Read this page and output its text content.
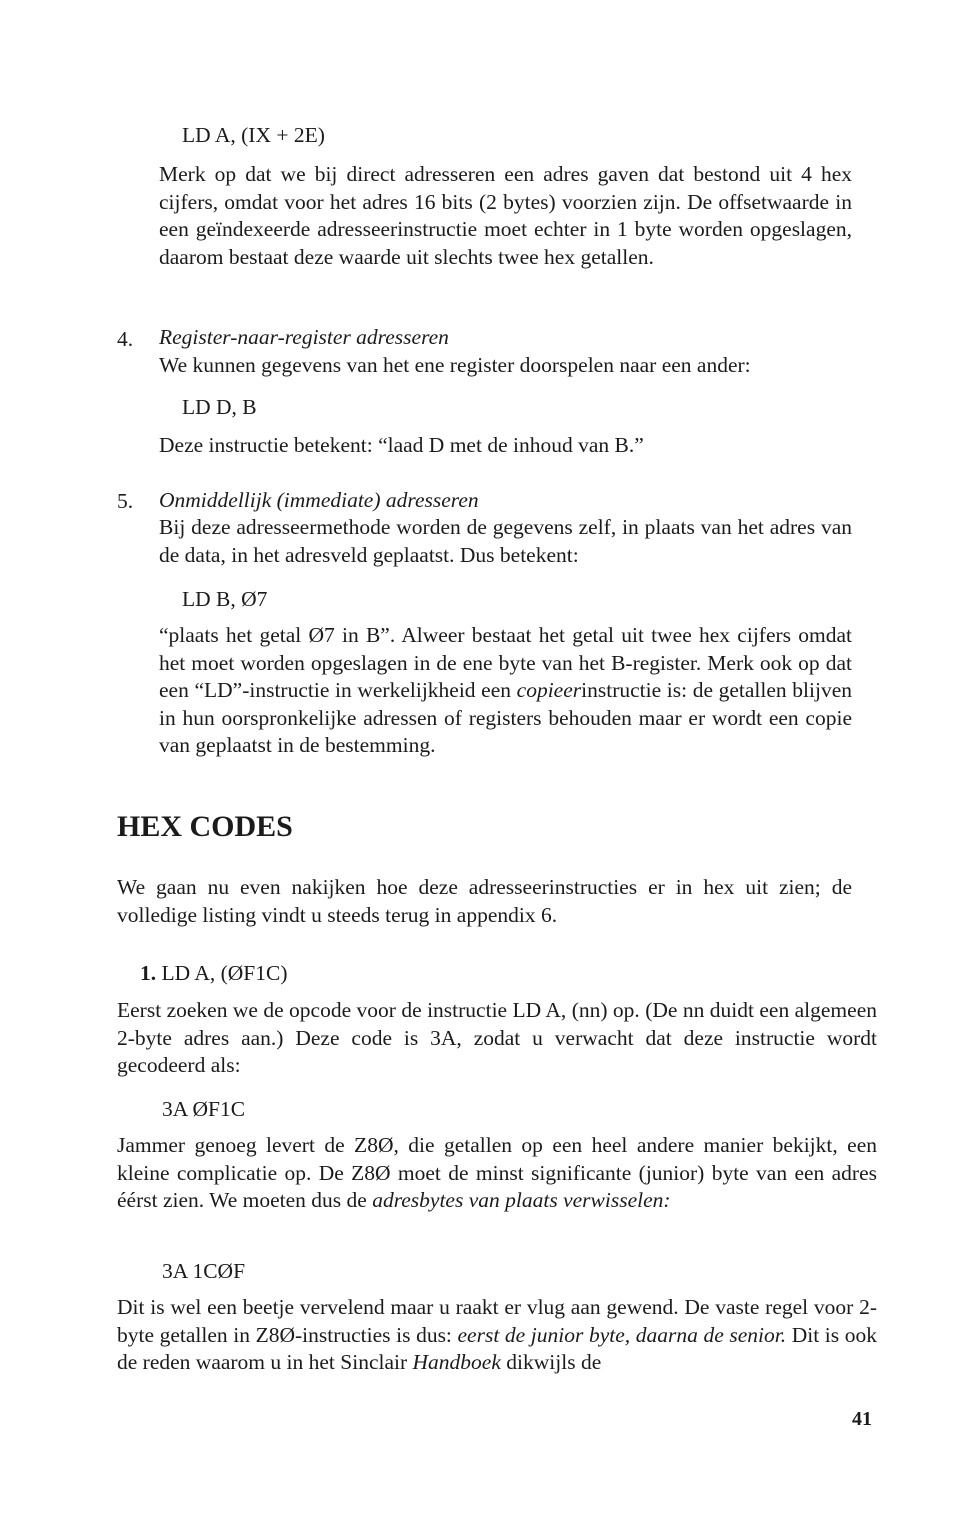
LD A, (IX + 2E)

Merk op dat we bij direct adresseren een adres gaven dat bestond uit 4 hex cijfers, omdat voor het adres 16 bits (2 bytes) voorzien zijn. De offsetwaarde in een geïndexeerde adresseerinstructie moet echter in 1 byte worden opgeslagen, daarom bestaat deze waarde uit slechts twee hex getallen.

4. Register-naar-register adresseren

We kunnen gegevens van het ene register doorspelen naar een ander:

LD D, B

Deze instructie betekent: “laad D met de inhoud van B.”

5. Onmiddellijk (immediate) adresseren

Bij deze adresseermethode worden de gegevens zelf, in plaats van het adres van de data, in het adresveld geplaatst. Dus betekent:

LD B, Ø7

“plaats het getal Ø7 in B”. Alweer bestaat het getal uit twee hex cijfers omdat het moet worden opgeslagen in de ene byte van het B-register. Merk ook op dat een “LD”-instructie in werkelijkheid een copieerinstructie is: de getallen blijven in hun oorspronkelijke adressen of registers behouden maar er wordt een copie van geplaatst in de bestemming.

HEX CODES

We gaan nu even nakijken hoe deze adresseerinstructies er in hex uit zien; de volledige listing vindt u steeds terug in appendix 6.

1. LD A, (ØF1C)

Eerst zoeken we de opcode voor de instructie LD A, (nn) op. (De nn duidt een algemeen 2-byte adres aan.) Deze code is 3A, zodat u verwacht dat deze instructie wordt gecodeerd als:

3A ØF1C

Jammer genoeg levert de Z8Ø, die getallen op een heel andere manier bekijkt, een kleine complicatie op. De Z8Ø moet de minst significante (junior) byte van een adres éérst zien. We moeten dus de adresbytes van plaats verwisselen:

3A 1CØF

Dit is wel een beetje vervelend maar u raakt er vlug aan gewend. De vaste regel voor 2-byte getallen in Z8Ø-instructies is dus: eerst de junior byte, daarna de senior. Dit is ook de reden waarom u in het Sinclair Handboek dikwijls de

41
